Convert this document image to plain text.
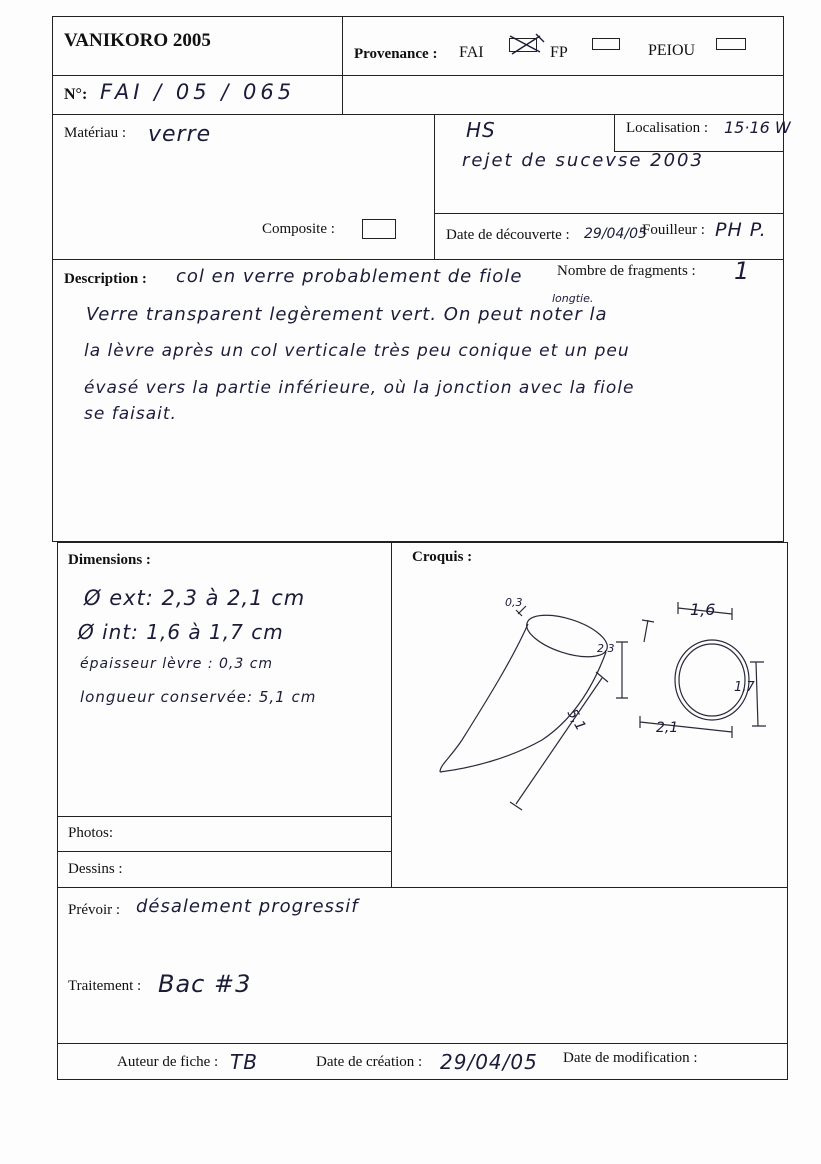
VANIKORO 2005
Provenance : FAI	FP	PEIOU
N°: FAI / 05 / 065
Matériau : verre
Composite :
HS
rejet de sucevse 2003
Localisation : 15·16 W
Date de découverte : 29/04/05
Fouilleur : PH P.
Description : col en verre probablement de fiole Nombre de fragments : 1
longtie.
Verre transparent legèrement vert. On peut noter la
la lèvre après un col verticale très peu conique et un peu
évasé vers la partie inférieure, où la jonction avec la fiole
se faisait.
Dimensions :
Ø ext: 2,3 à 2,1 cm
Ø int: 1,6 à 1,7 cm
épaisseur lèvre : 0,3 cm
longueur conservée: 5,1 cm
Croquis :
0,3
2,3
5,1
1,6
1,7
2,1
Photos:
Dessins :
Prévoir : désalement progressif
Traitement : Bac #3
Auteur de fiche : TB	Date de création : 29/04/05 Date de modification :
